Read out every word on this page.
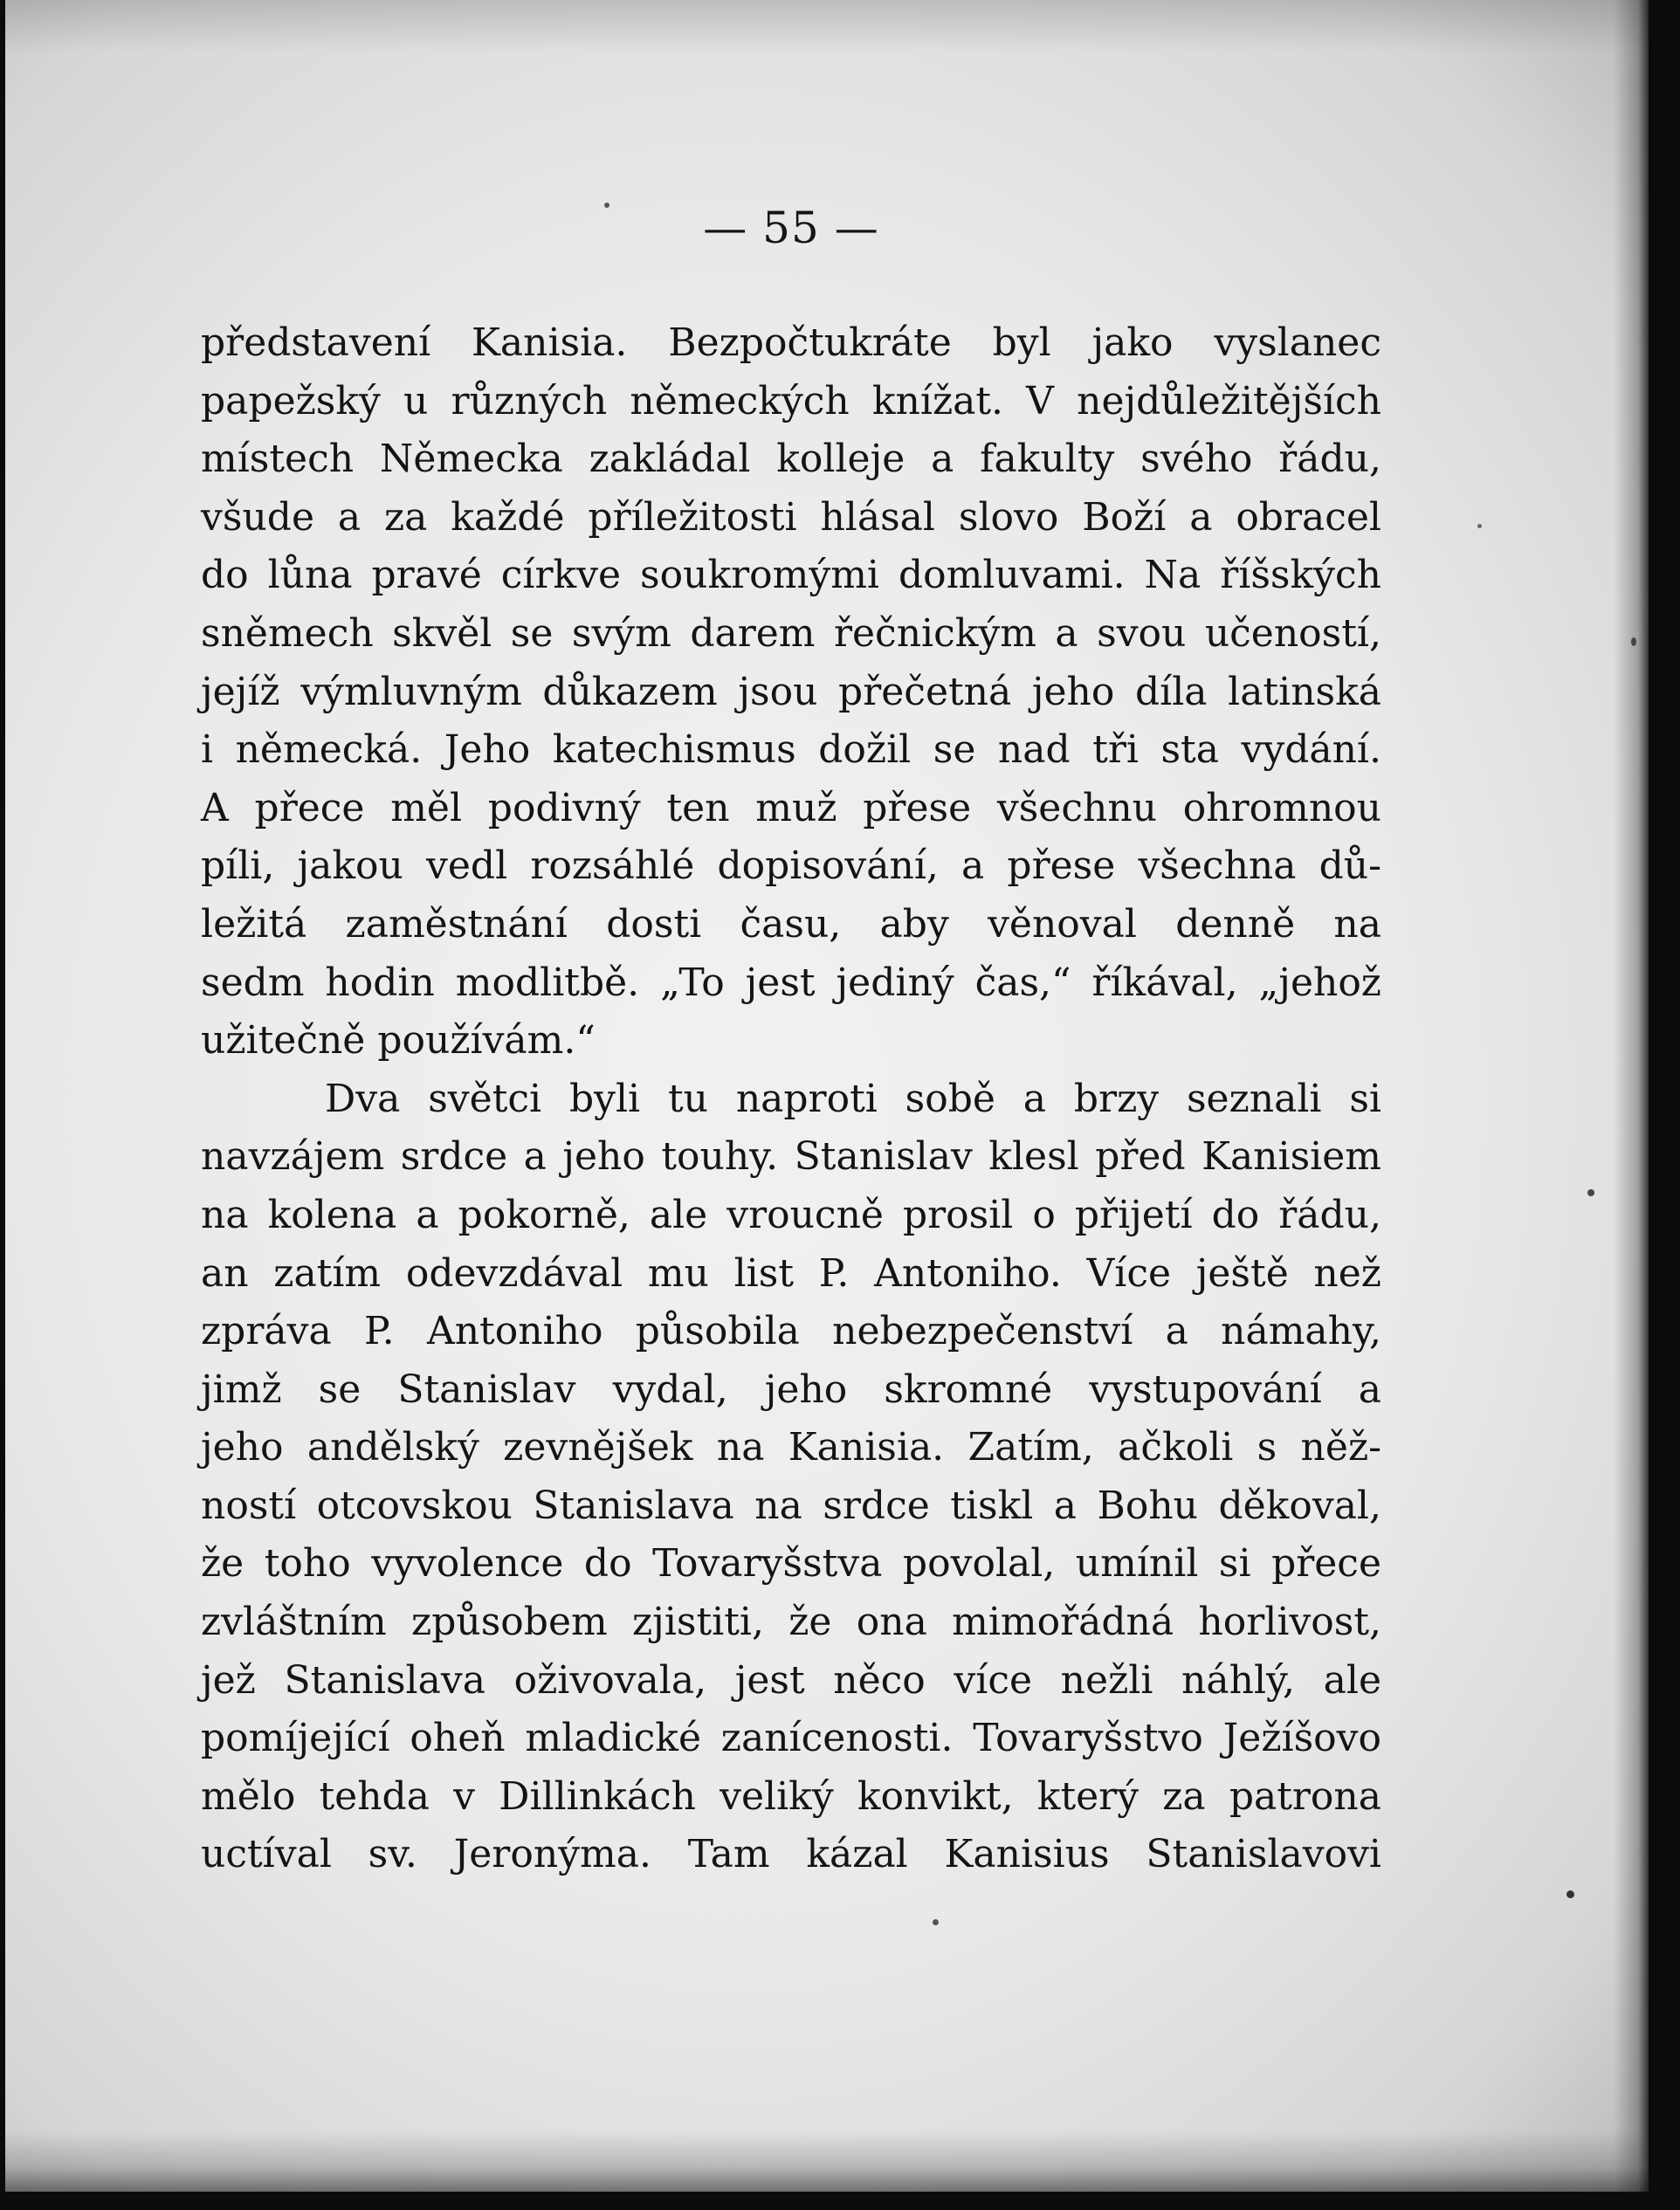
— 55 —
představení Kanisia. Bezpočtukráte byl jako vyslanec
papežský u různých německých knížat. V nejdůležitějších
místech Německa zakládal kolleje a fakulty svého řádu,
všude a za každé příležitosti hlásal slovo Boží a obracel
do lůna pravé církve soukromými domluvami. Na říšských
sněmech skvěl se svým darem řečnickým a svou učeností,
jejíž výmluvným důkazem jsou přečetná jeho díla latinská
i německá. Jeho katechismus dožil se nad tři sta vydání.
A přece měl podivný ten muž přese všechnu ohromnou
píli, jakou vedl rozsáhlé dopisování, a přese všechna dů-
ležitá zaměstnání dosti času, aby věnoval denně na
sedm hodin modlitbě. „To jest jediný čas,“ říkával, „jehož
užitečně používám.“
Dva světci byli tu naproti sobě a brzy seznali si
navzájem srdce a jeho touhy. Stanislav klesl před Kanisiem
na kolena a pokorně, ale vroucně prosil o přijetí do řádu,
an zatím odevzdával mu list P. Antoniho. Více ještě než
zpráva P. Antoniho působila nebezpečenství a námahy,
jimž se Stanislav vydal, jeho skromné vystupování a
jeho andělský zevnějšek na Kanisia. Zatím, ačkoli s něž-
ností otcovskou Stanislava na srdce tiskl a Bohu děkoval,
že toho vyvolence do Tovaryšstva povolal, umínil si přece
zvláštním způsobem zjistiti, že ona mimořádná horlivost,
jež Stanislava oživovala, jest něco více nežli náhlý, ale
pomíjející oheň mladické zanícenosti. Tovaryšstvo Ježíšovo
mělo tehda v Dillinkách veliký konvikt, který za patrona
uctíval sv. Jeronýma. Tam kázal Kanisius Stanislavovi
